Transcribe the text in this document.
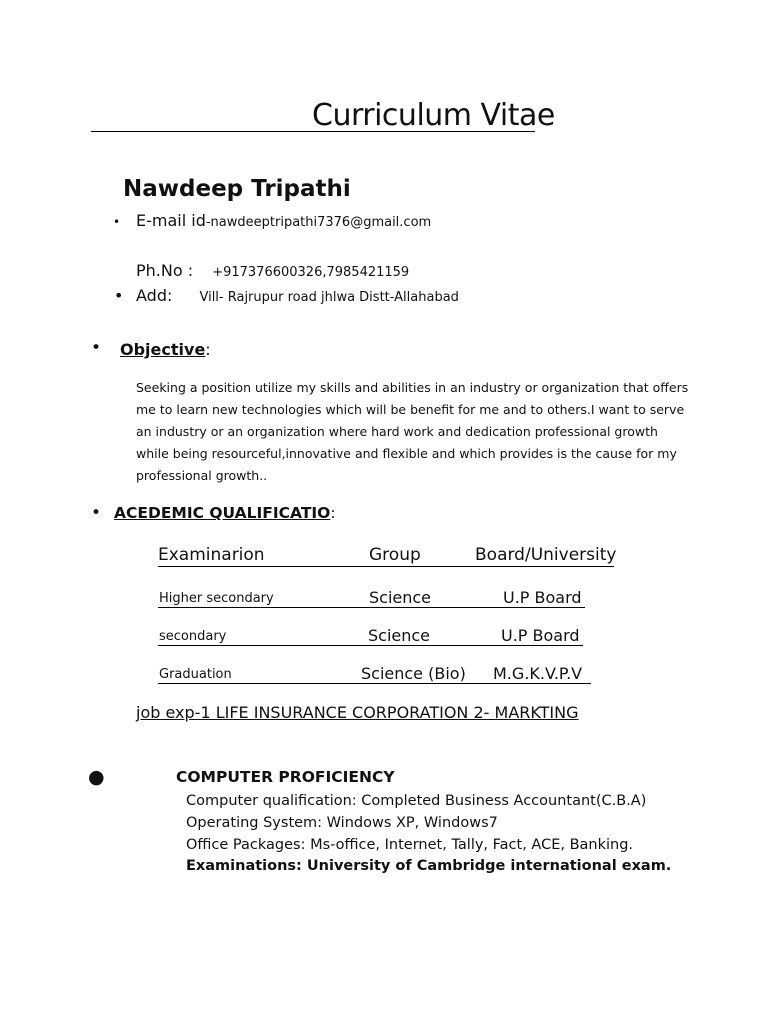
Curriculum Vitae
Nawdeep Tripathi
• E-mail id-nawdeeptripathi7376@gmail.com
Ph.No : +917376600326,7985421159
• Add: Vill- Rajrupur road jhlwa Distt-Allahabad
• Objective:
Seeking a position utilize my skills and abilities in an industry or organization that offers
me to learn new technologies which will be benefit for me and to others.I want to serve
an industry or an organization where hard work and dedication professional growth
while being resourceful,innovative and flexible and which provides is the cause for my
professional growth..
• ACEDEMIC QUALIFICATIO:
Examinarion	Group	Board/University
Higher secondary	Science	U.P Board
secondary	Science	U.P Board
Graduation	Science (Bio) M.G.K.V.P.V
job exp-1 LIFE INSURANCE CORPORATION 2- MARKTING
●	COMPUTER PROFICIENCY
Computer qualification: Completed Business Accountant(C.B.A)
Operating System: Windows XP, Windows7
Office Packages: Ms-office, Internet, Tally, Fact, ACE, Banking.
Examinations: University of Cambridge international exam.
